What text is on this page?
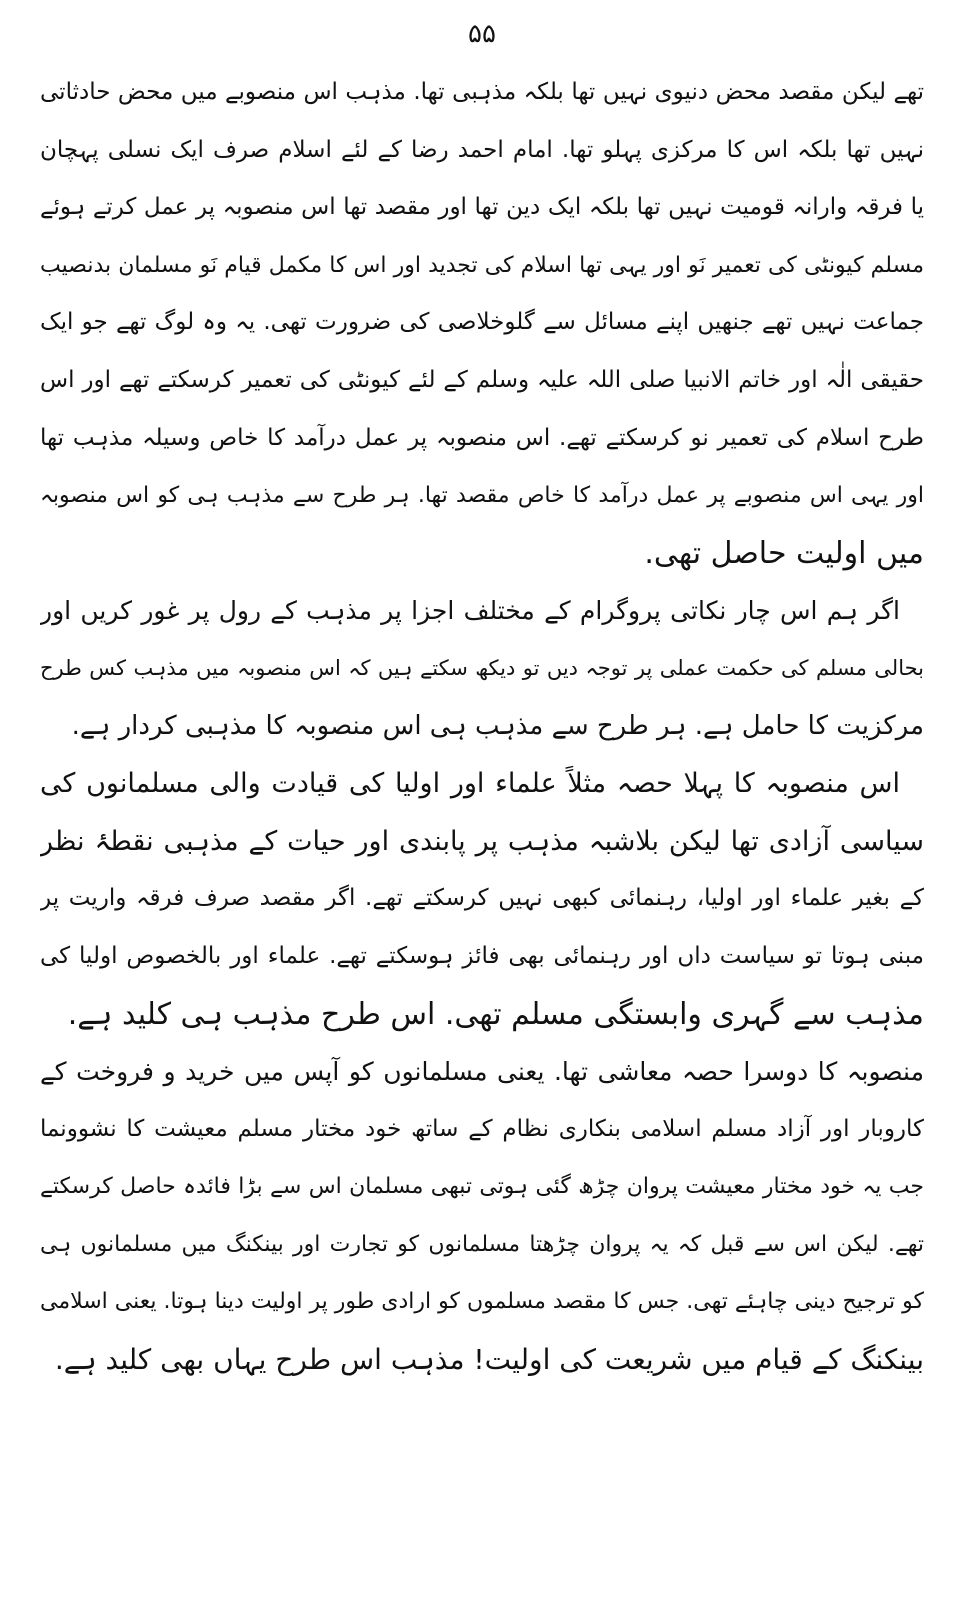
۵۵
تھے لیکن مقصد محض دنیوی نہیں تھا بلکہ مذہبی تھا. مذہب اس منصوبے میں محض حادثاتی
نہیں تھا بلکہ اس کا مرکزی پہلو تھا. امام احمد رضا کے لئے اسلام صرف ایک نسلی پہچان
یا فرقہ وارانہ قومیت نہیں تھا بلکہ ایک دین تھا اور مقصد تھا اس منصوبہ پر عمل کرتے ہوئے
مسلم کیونٹی کی تعمیر نَو اور یہی تھا اسلام کی تجدید اور اس کا مکمل قیام نَو مسلمان بدنصیب
جماعت نہیں تھے جنھیں اپنے مسائل سے گلوخلاصی کی ضرورت تھی. یہ وہ لوگ تھے جو ایک
حقیقی الٰہ اور خاتم الانبیا صلی اللہ علیہ وسلم کے لئے کیونٹی کی تعمیر کرسکتے تھے اور اس
طرح اسلام کی تعمیر نو کرسکتے تھے. اس منصوبہ پر عمل درآمد کا خاص وسیلہ مذہب تھا
اور یہی اس منصوبے پر عمل درآمد کا خاص مقصد تھا. ہر طرح سے مذہب ہی کو اس منصوبہ
میں اولیت حاصل تھی.
اگر ہم اس چار نکاتی پروگرام کے مختلف اجزا پر مذہب کے رول پر غور کریں اور
بحالی مسلم کی حکمت عملی پر توجہ دیں تو دیکھ سکتے ہیں کہ اس منصوبہ میں مذہب کس طرح
مرکزیت کا حامل ہے. ہر طرح سے مذہب ہی اس منصوبہ کا مذہبی کردار ہے.
اس منصوبہ کا پہلا حصہ مثلاً علماء اور اولیا کی قیادت والی مسلمانوں کی
سیاسی آزادی تھا لیکن بلاشبہ مذہب پر پابندی اور حیات کے مذہبی نقطۂ نظر
کے بغیر علماء اور اولیا، رہنمائی کبھی نہیں کرسکتے تھے. اگر مقصد صرف فرقہ واریت پر
مبنی ہوتا تو سیاست داں اور رہنمائی بھی فائز ہوسکتے تھے. علماء اور بالخصوص اولیا کی
مذہب سے گہری وابستگی مسلم تھی. اس طرح مذہب ہی کلید ہے.
منصوبہ کا دوسرا حصہ معاشی تھا. یعنی مسلمانوں کو آپس میں خرید و فروخت کے
کاروبار اور آزاد مسلم اسلامی بنکاری نظام کے ساتھ خود مختار مسلم معیشت کا نشوونما
جب یہ خود مختار معیشت پروان چڑھ گئی ہوتی تبھی مسلمان اس سے بڑا فائدہ حاصل کرسکتے
تھے. لیکن اس سے قبل کہ یہ پروان چڑھتا مسلمانوں کو تجارت اور بینکنگ میں مسلمانوں ہی
کو ترجیح دینی چاہئے تھی. جس کا مقصد مسلموں کو ارادی طور پر اولیت دینا ہوتا. یعنی اسلامی
بینکنگ کے قیام میں شریعت کی اولیت! مذہب اس طرح یہاں بھی کلید ہے.
